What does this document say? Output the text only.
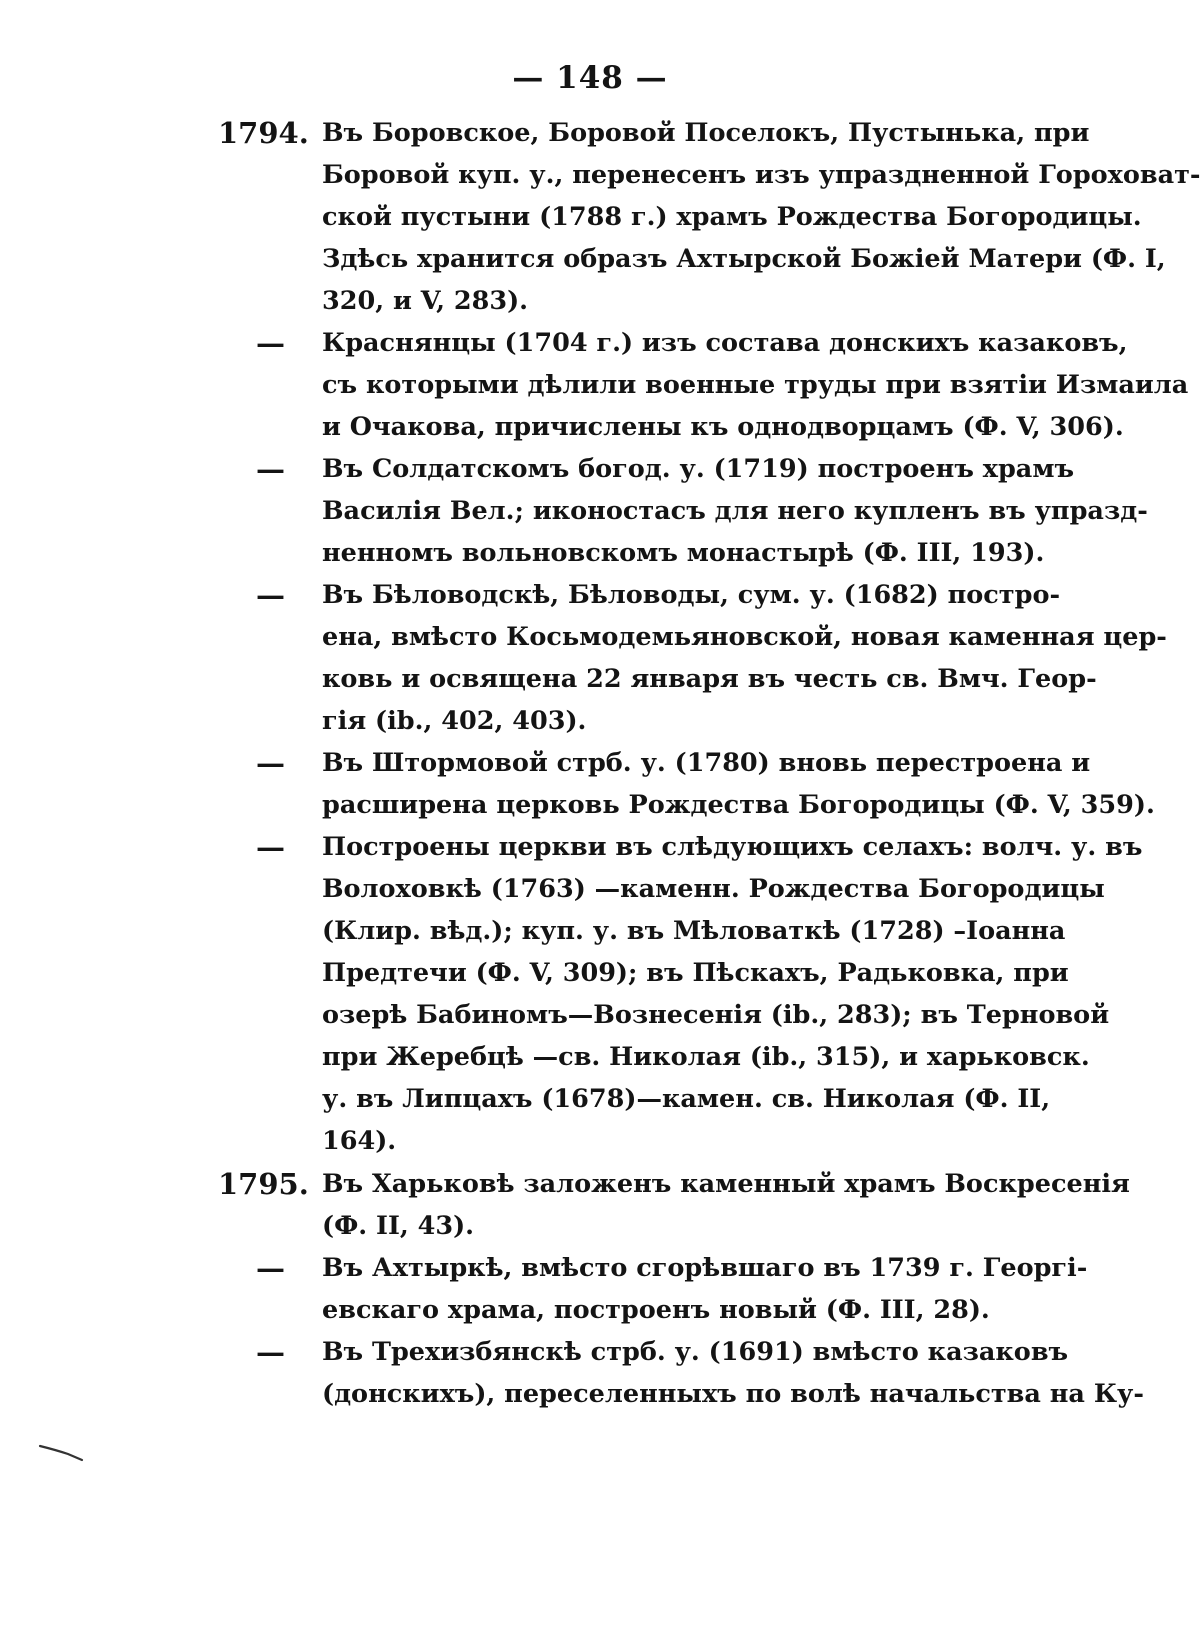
— 148 —
1794. Въ Боровское, Боровой Поселокъ, Пустынька, при
Боровой куп. у., перенесенъ изъ упраздненной Гороховат-
ской пустыни (1788 г.) храмъ Рождества Богородицы.
Здѣсь хранится образъ Ахтырской Божіей Матери (Ф. I,
320, и V, 283).
—	Краснянцы (1704 г.) изъ состава донскихъ казаковъ,
съ которыми дѣлили военные труды при взятіи Измаила
и Очакова, причислены къ однодворцамъ (Ф. V, 306).
—	Въ Солдатскомъ богод. у. (1719) построенъ храмъ
Василія Вел.; иконостасъ для него купленъ въ упразд-
ненномъ вольновскомъ монастырѣ (Ф. III, 193).
—	Въ Бѣловодскѣ, Бѣловоды, сум. у. (1682) постро-
ена, вмѣсто Косьмодемьяновской, новая каменная цер-
ковь и освящена 22 января въ честь св. Вмч. Геор-
гія (ib., 402, 403).
—	Въ Штормовой стрб. у. (1780) вновь перестроена и
расширена церковь Рождества Богородицы (Ф. V, 359).
—	Построены церкви въ слѣдующихъ селахъ: волч. у. въ
Волоховкѣ (1763) —каменн. Рождества Богородицы
(Клир. вѣд.); куп. у. въ Мѣловаткѣ (1728) –Іоанна
Предтечи (Ф. V, 309); въ Пѣскахъ, Радьковка, при
озерѣ Бабиномъ—Вознесенія (ib., 283); въ Терновой
при Жеребцѣ —св. Николая (ib., 315), и харьковск.
у. въ Липцахъ (1678)—камен. св. Николая (Ф. II,
164).
1795. Въ Харьковѣ заложенъ каменный храмъ Воскресенія
(Ф. II, 43).
—	Въ Ахтыркѣ, вмѣсто сгорѣвшаго въ 1739 г. Георгі-
евскаго храма, построенъ новый (Ф. III, 28).
—	Въ Трехизбянскѣ стрб. у. (1691) вмѣсто казаковъ
(донскихъ), переселенныхъ по волѣ начальства на Ку-
